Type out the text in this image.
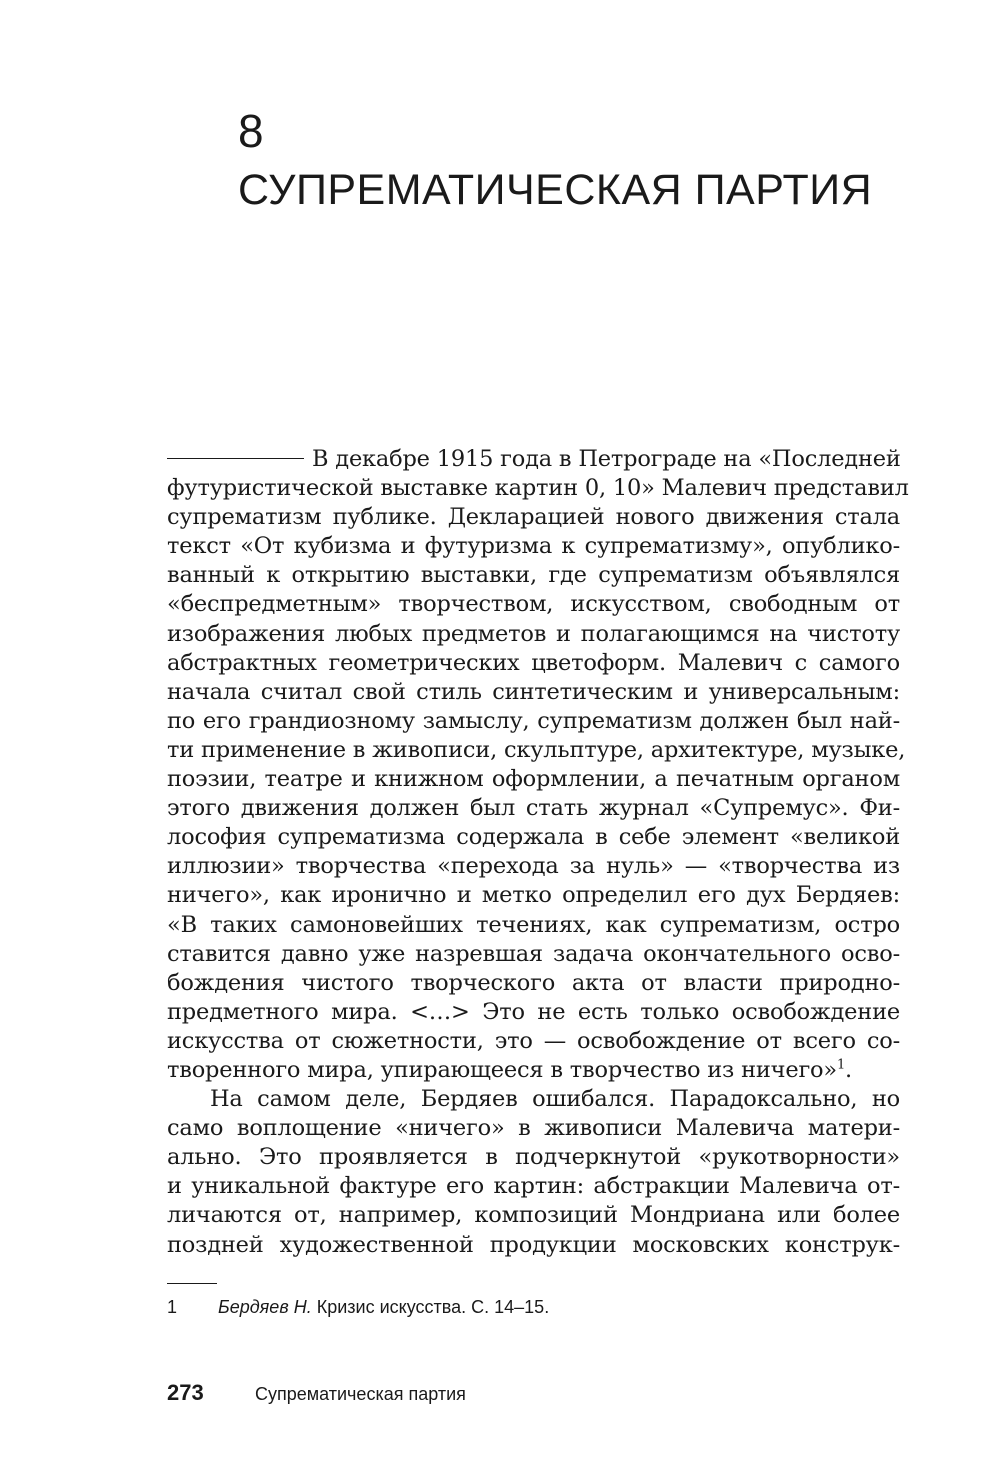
8
СУПРЕМАТИЧЕСКАЯ ПАРТИЯ
В декабре 1915 года в Петрограде на «Последней
футуристической выставке картин 0, 10» Малевич представил
супрематизм публике. Декларацией нового движения стала
текст «От кубизма и футуризма к супрематизму», опублико-
ванный к открытию выставки, где супрематизм объявлялся
«беспредметным» творчеством, искусством, свободным от
изображения любых предметов и полагающимся на чистоту
абстрактных геометрических цветоформ. Малевич с самого
начала считал свой стиль синтетическим и универсальным:
по его грандиозному замыслу, супрематизм должен был най-
ти применение в живописи, скульптуре, архитектуре, музыке,
поэзии, театре и книжном оформлении, а печатным органом
этого движения должен был стать журнал «Супремус». Фи-
лософия супрематизма содержала в себе элемент «великой
иллюзии» творчества «перехода за нуль» — «творчества из
ничего», как иронично и метко определил его дух Бердяев:
«В таких самоновейших течениях, как супрематизм, остро
ставится давно уже назревшая задача окончательного осво-
бождения чистого творческого акта от власти природно-
предметного мира. <…> Это не есть только освобождение
искусства от сюжетности, это — освобождение от всего со-
творенного мира, упирающееся в творчество из ничего»$^1$.
На самом деле, Бердяев ошибался. Парадоксально, но
само воплощение «ничего» в живописи Малевича матери-
ально. Это проявляется в подчеркнутой «рукотворности»
и уникальной фактуре его картин: абстракции Малевича от-
личаются от, например, композиций Мондриана или более
поздней художественной продукции московских конструк-
1 Бердяев Н. Кризис искусства. С. 14–15.
273	Супрематическая партия
